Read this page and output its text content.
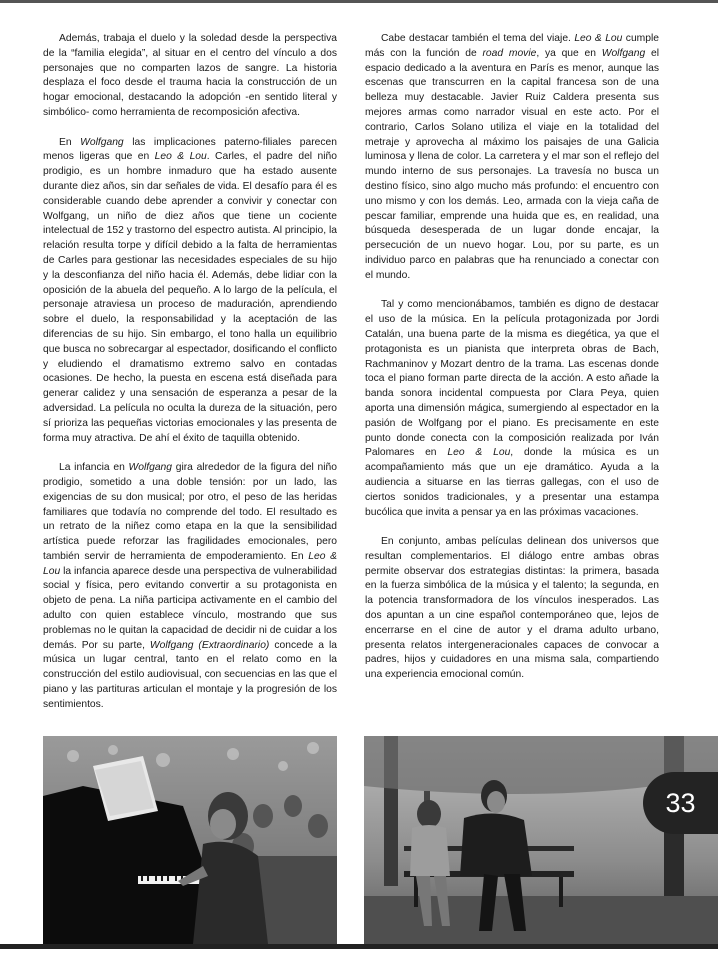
Además, trabaja el duelo y la soledad desde la perspectiva de la “familia elegida”, al situar en el centro del vínculo a dos personajes que no comparten lazos de sangre. La historia desplaza el foco desde el trauma hacia la construcción de un hogar emocional, destacando la adopción -en sentido literal y simbólico- como herramienta de recomposición afectiva.

En Wolfgang las implicaciones paterno-filiales parecen menos ligeras que en Leo & Lou. Carles, el padre del niño prodigio, es un hombre inmaduro que ha estado ausente durante diez años, sin dar señales de vida. El desafío para él es considerable cuando debe aprender a convivir y conectar con Wolfgang, un niño de diez años que tiene un cociente intelectual de 152 y trastorno del espectro autista. Al principio, la relación resulta torpe y difícil debido a la falta de herramientas de Carles para gestionar las necesidades especiales de su hijo y la desconfianza del niño hacia él. Además, debe lidiar con la oposición de la abuela del pequeño. A lo largo de la película, el personaje atraviesa un proceso de maduración, aprendiendo sobre el duelo, la responsabilidad y la aceptación de las diferencias de su hijo. Sin embargo, el tono halla un equilibrio que busca no sobrecargar al espectador, dosificando el conflicto y eludiendo el dramatismo extremo salvo en contadas ocasiones. De hecho, la puesta en escena está diseñada para generar calidez y una sensación de esperanza a pesar de la adversidad. La película no oculta la dureza de la situación, pero sí prioriza las pequeñas victorias emocionales y las presenta de forma muy atractiva. De ahí el éxito de taquilla obtenido.

La infancia en Wolfgang gira alrededor de la figura del niño prodigio, sometido a una doble tensión: por un lado, las exigencias de su don musical; por otro, el peso de las heridas familiares que todavía no comprende del todo. El resultado es un retrato de la niñez como etapa en la que la sensibilidad artística puede reforzar las fragilidades emocionales, pero también servir de herramienta de empoderamiento. En Leo & Lou la infancia aparece desde una perspectiva de vulnerabilidad social y física, pero evitando convertir a su protagonista en objeto de pena. La niña participa activamente en el cambio del adulto con quien establece vínculo, mostrando que sus problemas no le quitan la capacidad de decidir ni de cuidar a los demás. Por su parte, Wolfgang (Extraordinario) concede a la música un lugar central, tanto en el relato como en la construcción del estilo audiovisual, con secuencias en las que el piano y las partituras articulan el montaje y la progresión de los sentimientos.

Cabe destacar también el tema del viaje. Leo & Lou cumple más con la función de road movie, ya que en Wolfgang el espacio dedicado a la aventura en París es menor, aunque las escenas que transcurren en la capital francesa son de una belleza muy destacable. Javier Ruiz Caldera presenta sus mejores armas como narrador visual en este acto. Por el contrario, Carlos Solano utiliza el viaje en la totalidad del metraje y aprovecha al máximo los paisajes de una Galicia luminosa y llena de color. La carretera y el mar son el reflejo del mundo interno de sus personajes. La travesía no busca un destino físico, sino algo mucho más profundo: el encuentro con uno mismo y con los demás. Leo, armada con la vieja caña de pescar familiar, emprende una huida que es, en realidad, una búsqueda desesperada de un lugar donde encajar, la persecución de un nuevo hogar. Lou, por su parte, es un individuo parco en palabras que ha renunciado a conectar con el mundo.

Tal y como mencionábamos, también es digno de destacar el uso de la música. En la película protagonizada por Jordi Catalán, una buena parte de la misma es diegética, ya que el protagonista es un pianista que interpreta obras de Bach, Rachmaninov y Mozart dentro de la trama. Las escenas donde toca el piano forman parte directa de la acción. A esto añade la banda sonora incidental compuesta por Clara Peya, quien aporta una dimensión mágica, sumergiendo al espectador en la pasión de Wolfgang por el piano. Es precisamente en este punto donde conecta con la composición realizada por Iván Palomares en Leo & Lou, donde la música es un acompañamiento más que un eje dramático. Ayuda a la audiencia a situarse en las tierras gallegas, con el uso de ciertos sonidos tradicionales, y a presentar una estampa bucólica que invita a pensar ya en las próximas vacaciones.

En conjunto, ambas películas delinean dos universos que resultan complementarios. El diálogo entre ambas obras permite observar dos estrategias distintas: la primera, basada en la fuerza simbólica de la música y el talento; la segunda, en la potencia transformadora de los vínculos inesperados. Las dos apuntan a un cine español contemporáneo que, lejos de encerrarse en el cine de autor y el drama adulto urbano, presenta relatos intergeneracionales capaces de convocar a padres, hijos y cuidadores en una misma sala, compartiendo una experiencia emocional común.

33
